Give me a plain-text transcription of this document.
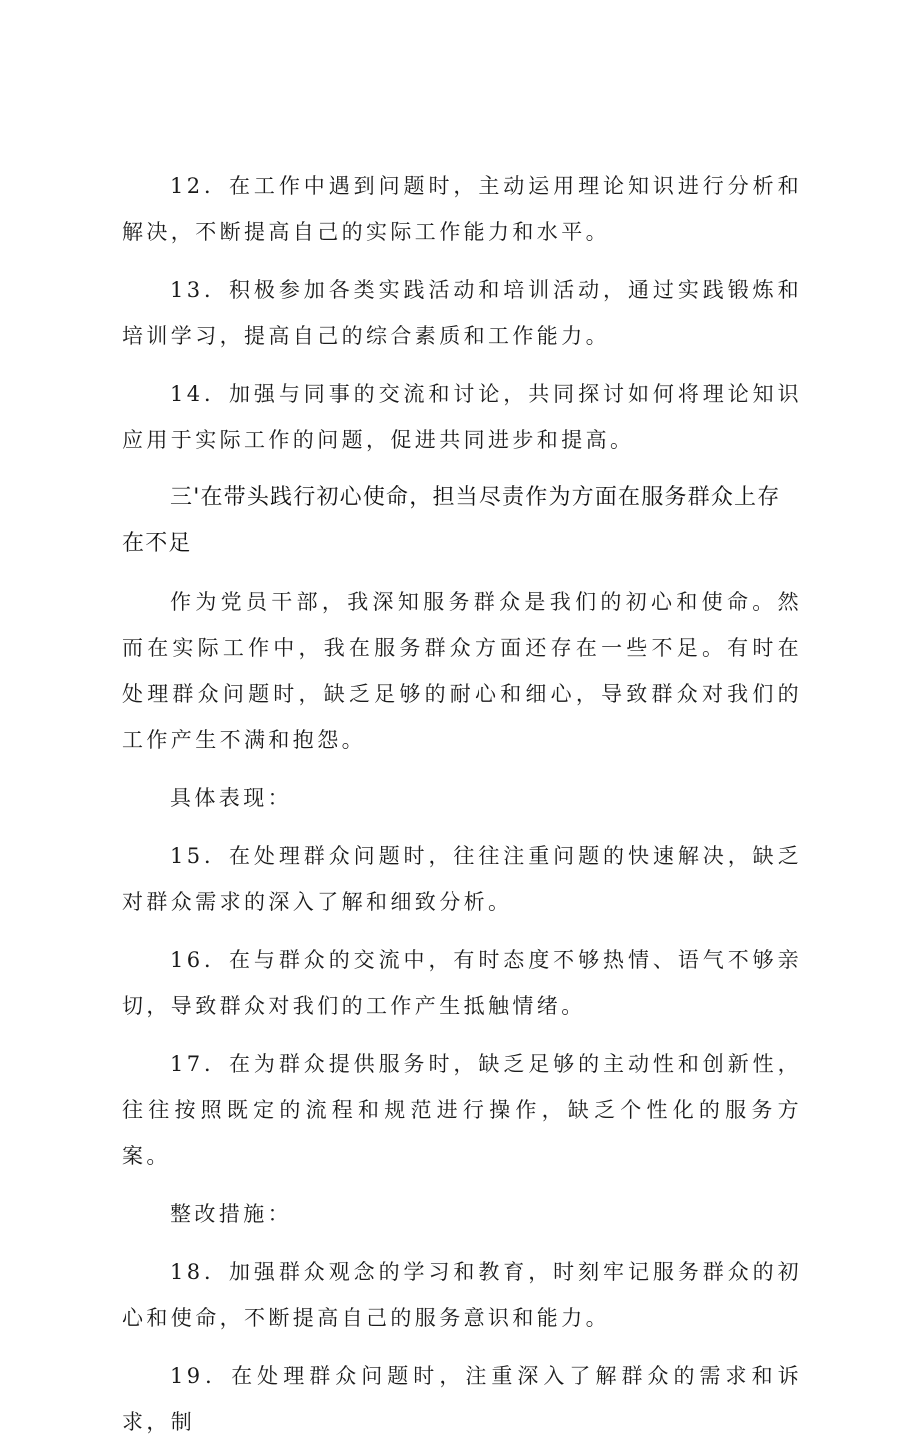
12．在工作中遇到问题时，主动运用理论知识进行分析和解决，不断提高自己的实际工作能力和水平。

13．积极参加各类实践活动和培训活动，通过实践锻炼和培训学习，提高自己的综合素质和工作能力。

14．加强与同事的交流和讨论，共同探讨如何将理论知识应用于实际工作的问题，促进共同进步和提高。

三'在带头践行初心使命，担当尽责作为方面在服务群众上存在不足

作为党员干部，我深知服务群众是我们的初心和使命。然而在实际工作中，我在服务群众方面还存在一些不足。有时在处理群众问题时，缺乏足够的耐心和细心，导致群众对我们的工作产生不满和抱怨。

具体表现：

15．在处理群众问题时，往往注重问题的快速解决，缺乏对群众需求的深入了解和细致分析。

16．在与群众的交流中，有时态度不够热情、语气不够亲切，导致群众对我们的工作产生抵触情绪。

17．在为群众提供服务时，缺乏足够的主动性和创新性，往往按照既定的流程和规范进行操作，缺乏个性化的服务方案。

整改措施：

18．加强群众观念的学习和教育，时刻牢记服务群众的初心和使命，不断提高自己的服务意识和能力。

19．在处理群众问题时，注重深入了解群众的需求和诉求，制
